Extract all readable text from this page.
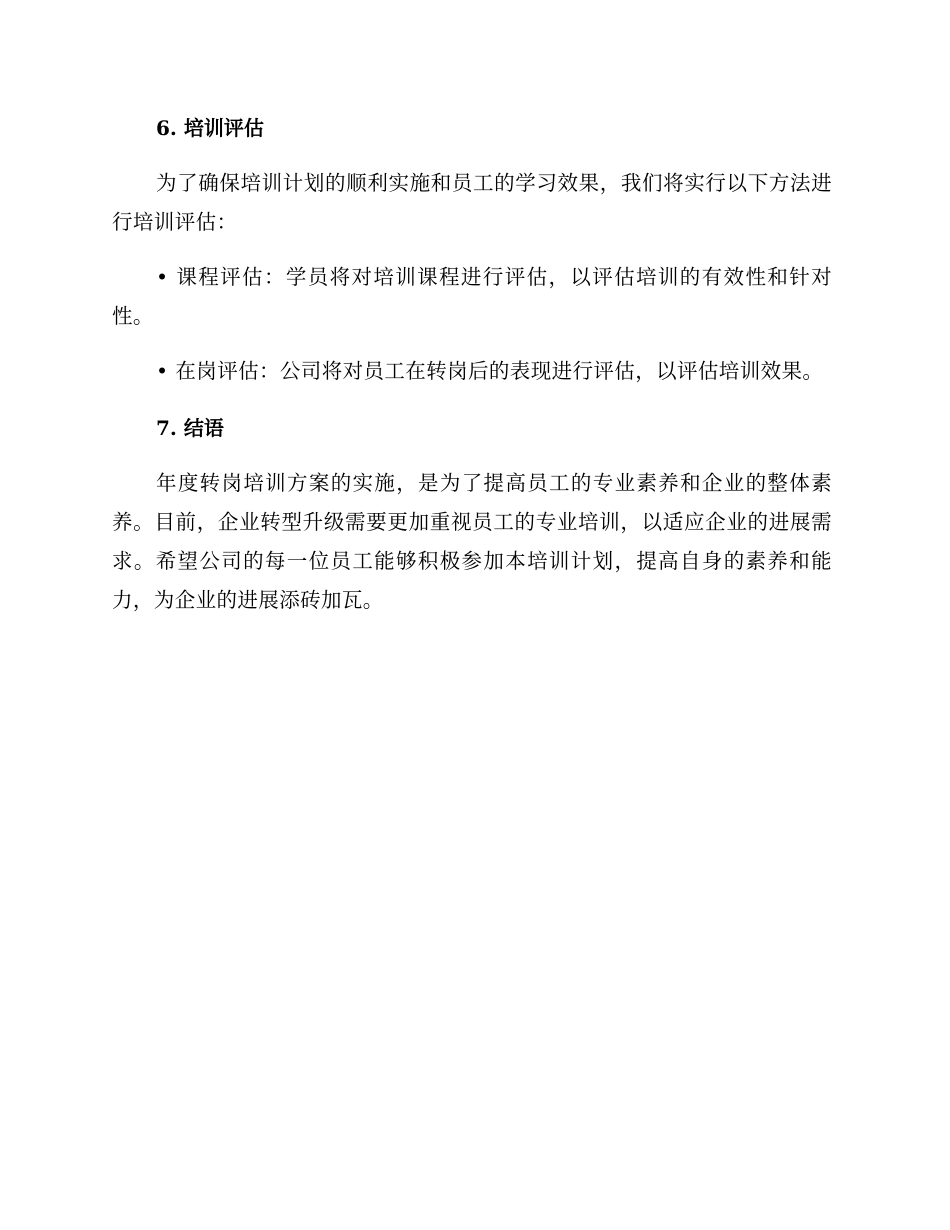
6. 培训评估

为了确保培训计划的顺利实施和员工的学习效果，我们将实行以下方法进行培训评估：

• 课程评估：学员将对培训课程进行评估，以评估培训的有效性和针对性。

• 在岗评估：公司将对员工在转岗后的表现进行评估，以评估培训效果。

7. 结语

年度转岗培训方案的实施，是为了提高员工的专业素养和企业的整体素养。目前，企业转型升级需要更加重视员工的专业培训，以适应企业的进展需求。希望公司的每一位员工能够积极参加本培训计划，提高自身的素养和能力，为企业的进展添砖加瓦。
